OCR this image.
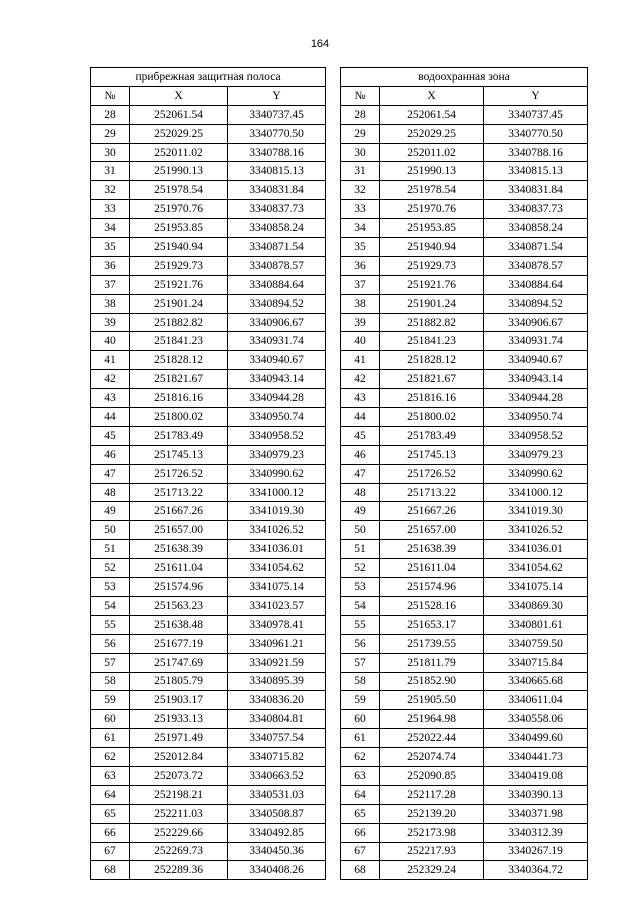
164
прибрежная защитная полоса				водоохранная зона		
№	X	Y		№	X	Y
28	252061.54	3340737.45		28	252061.54	3340737.45
29	252029.25	3340770.50		29	252029.25	3340770.50
30	252011.02	3340788.16		30	252011.02	3340788.16
31	251990.13	3340815.13		31	251990.13	3340815.13
32	251978.54	3340831.84		32	251978.54	3340831.84
33	251970.76	3340837.73		33	251970.76	3340837.73
34	251953.85	3340858.24		34	251953.85	3340858.24
35	251940.94	3340871.54		35	251940.94	3340871.54
36	251929.73	3340878.57		36	251929.73	3340878.57
37	251921.76	3340884.64		37	251921.76	3340884.64
38	251901.24	3340894.52		38	251901.24	3340894.52
39	251882.82	3340906.67		39	251882.82	3340906.67
40	251841.23	3340931.74		40	251841.23	3340931.74
41	251828.12	3340940.67		41	251828.12	3340940.67
42	251821.67	3340943.14		42	251821.67	3340943.14
43	251816.16	3340944.28		43	251816.16	3340944.28
44	251800.02	3340950.74		44	251800.02	3340950.74
45	251783.49	3340958.52		45	251783.49	3340958.52
46	251745.13	3340979.23		46	251745.13	3340979.23
47	251726.52	3340990.62		47	251726.52	3340990.62
48	251713.22	3341000.12		48	251713.22	3341000.12
49	251667.26	3341019.30		49	251667.26	3341019.30
50	251657.00	3341026.52		50	251657.00	3341026.52
51	251638.39	3341036.01		51	251638.39	3341036.01
52	251611.04	3341054.62		52	251611.04	3341054.62
53	251574.96	3341075.14		53	251574.96	3341075.14
54	251563.23	3341023.57		54	251528.16	3340869.30
55	251638.48	3340978.41		55	251653.17	3340801.61
56	251677.19	3340961.21		56	251739.55	3340759.50
57	251747.69	3340921.59		57	251811.79	3340715.84
58	251805.79	3340895.39		58	251852.90	3340665.68
59	251903.17	3340836.20		59	251905.50	3340611.04
60	251933.13	3340804.81		60	251964.98	3340558.06
61	251971.49	3340757.54		61	252022.44	3340499.60
62	252012.84	3340715.82		62	252074.74	3340441.73
63	252073.72	3340663.52		63	252090.85	3340419.08
64	252198.21	3340531.03		64	252117.28	3340390.13
65	252211.03	3340508.87		65	252139.20	3340371.98
66	252229.66	3340492.85		66	252173.98	3340312.39
67	252269.73	3340450.36		67	252217.93	3340267.19
68	252289.36	3340408.26		68	252329.24	3340364.72
